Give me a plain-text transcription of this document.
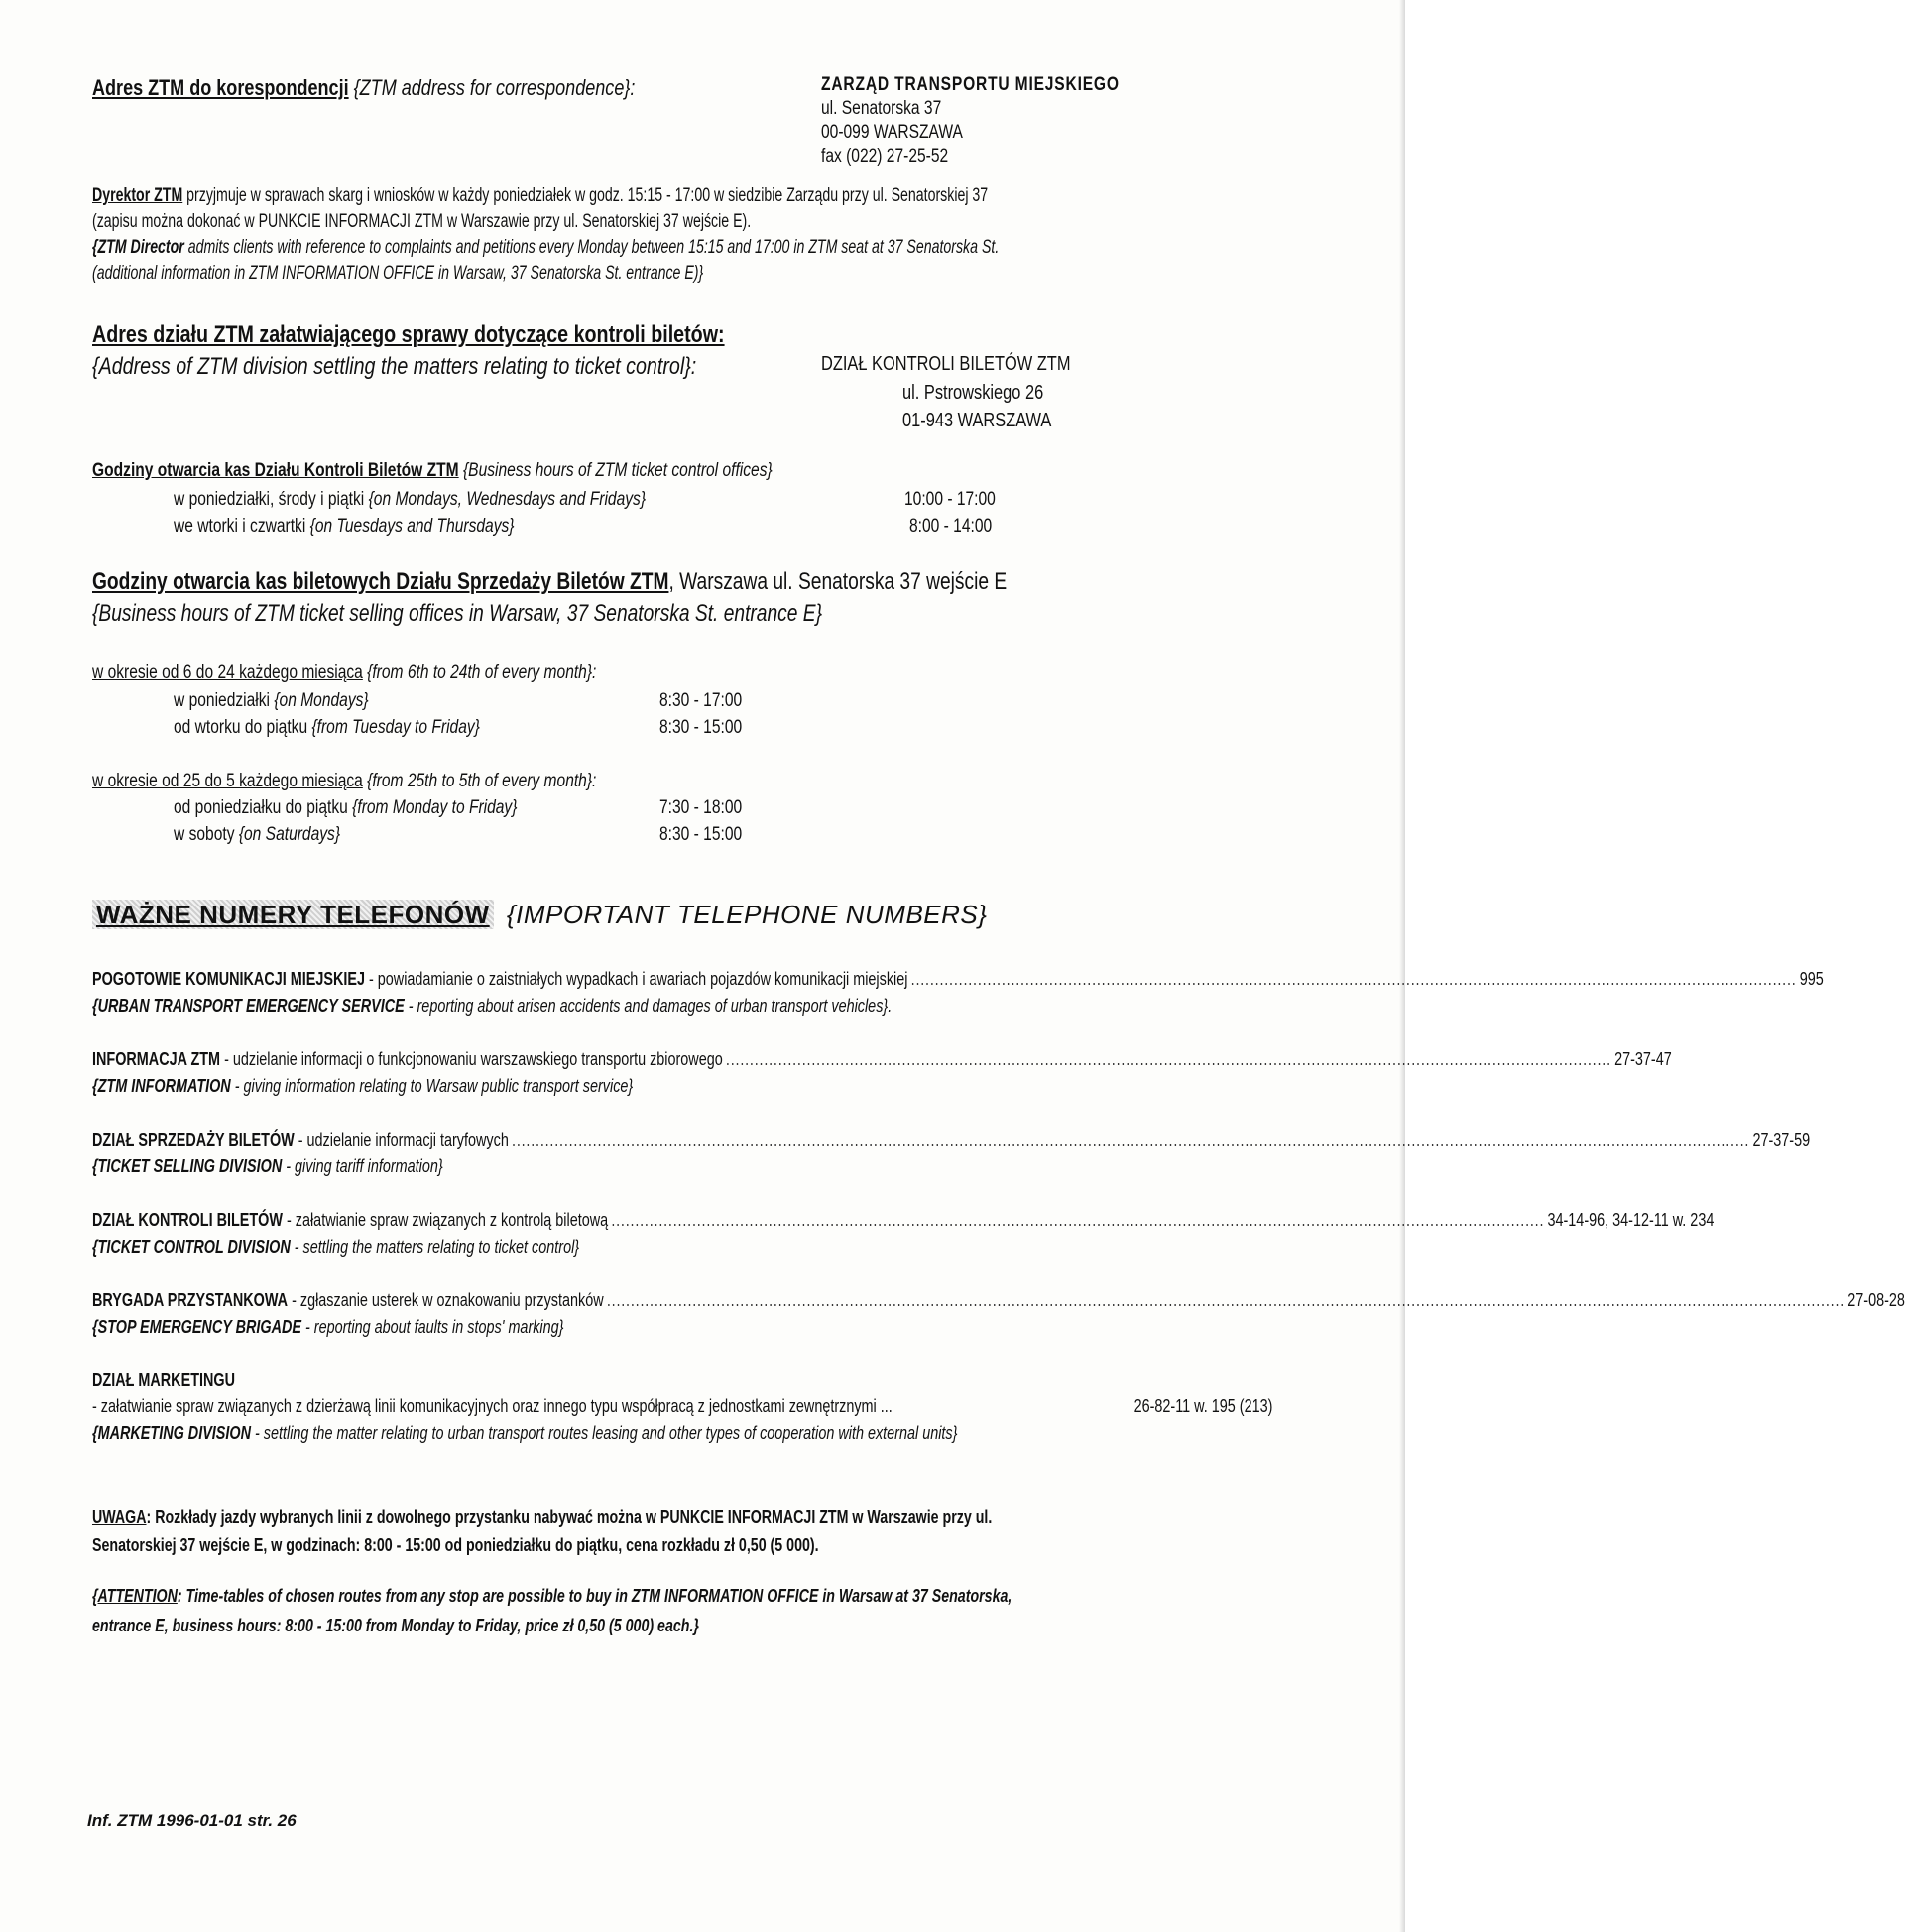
Adres ZTM do korespondencji {ZTM address for correspondence}:	ZARZĄD TRANSPORTU MIEJSKIEGO
ul. Senatorska 37
00-099 WARSZAWA
fax (022) 27-25-52
Dyrektor ZTM przyjmuje w sprawach skarg i wniosków w każdy poniedziałek w godz. 15:15 - 17:00 w siedzibie Zarządu przy ul. Senatorskiej 37
(zapisu można dokonać w PUNKCIE INFORMACJI ZTM w Warszawie przy ul. Senatorskiej 37 wejście E).
{ZTM Director admits clients with reference to complaints and petitions every Monday between 15:15 and 17:00 in ZTM seat at 37 Senatorska St.
(additional information in ZTM INFORMATION OFFICE in Warsaw, 37 Senatorska St. entrance E)}
Adres działu ZTM załatwiającego sprawy dotyczące kontroli biletów:
{Address of ZTM division settling the matters relating to ticket control}:	DZIAŁ KONTROLI BILETÓW ZTM
ul. Pstrowskiego 26
01-943 WARSZAWA
Godziny otwarcia kas Działu Kontroli Biletów ZTM {Business hours of ZTM ticket control offices}
w poniedziałki, środy i piątki {on Mondays, Wednesdays and Fridays}	10:00 - 17:00
we wtorki i czwartki {on Tuesdays and Thursdays}	8:00 - 14:00
Godziny otwarcia kas biletowych Działu Sprzedaży Biletów ZTM, Warszawa ul. Senatorska 37 wejście E
{Business hours of ZTM ticket selling offices in Warsaw, 37 Senatorska St. entrance E}
w okresie od 6 do 24 każdego miesiąca {from 6th to 24th of every month}:
w poniedziałki {on Mondays}	8:30 - 17:00
od wtorku do piątku {from Tuesday to Friday}	8:30 - 15:00
w okresie od 25 do 5 każdego miesiąca {from 25th to 5th of every month}:
od poniedziałku do piątku {from Monday to Friday}	7:30 - 18:00
w soboty {on Saturdays}	8:30 - 15:00
WAŻNE NUMERY TELEFONÓW {IMPORTANT TELEPHONE NUMBERS}
POGOTOWIE KOMUNIKACJI MIEJSKIEJ - powiadamianie o zaistniałych wypadkach i awariach pojazdów komunikacji miejskiej .......................................................................................................................................................................................... 995
{URBAN TRANSPORT EMERGENCY SERVICE - reporting about arisen accidents and damages of urban transport vehicles}.
INFORMACJA ZTM - udzielanie informacji o funkcjonowaniu warszawskiego transportu zbiorowego .......................................................................................................................................................................................... 27-37-47
{ZTM INFORMATION - giving information relating to Warsaw public transport service}
DZIAŁ SPRZEDAŻY BILETÓW - udzielanie informacji taryfowych .................................................................................................................................................................................................................................................................... 27-37-59
{TICKET SELLING DIVISION - giving tariff information}
DZIAŁ KONTROLI BILETÓW - załatwianie spraw związanych z kontrolą biletową .................................................................................................................................................................................................... 34-14-96, 34-12-11 w. 234
{TICKET CONTROL DIVISION - settling the matters relating to ticket control}
BRYGADA PRZYSTANKOWA - zgłaszanie usterek w oznakowaniu przystanków .................................................................................................................................................................................................................................................................... 27-08-28
{STOP EMERGENCY BRIGADE - reporting about faults in stops' marking}
DZIAŁ MARKETINGU
- załatwianie spraw związanych z dzierżawą linii komunikacyjnych oraz innego typu współpracą z jednostkami zewnętrznymi ...	26-82-11 w. 195 (213)
{MARKETING DIVISION - settling the matter relating to urban transport routes leasing and other types of cooperation with external units}
UWAGA: Rozkłady jazdy wybranych linii z dowolnego przystanku nabywać można w PUNKCIE INFORMACJI ZTM w Warszawie przy ul.
Senatorskiej 37 wejście E, w godzinach: 8:00 - 15:00 od poniedziałku do piątku, cena rozkładu zł 0,50 (5 000).
{ATTENTION: Time-tables of chosen routes from any stop are possible to buy in ZTM INFORMATION OFFICE in Warsaw at 37 Senatorska,
entrance E, business hours: 8:00 - 15:00 from Monday to Friday, price zł 0,50 (5 000) each.}
Inf. ZTM 1996-01-01 str. 26
